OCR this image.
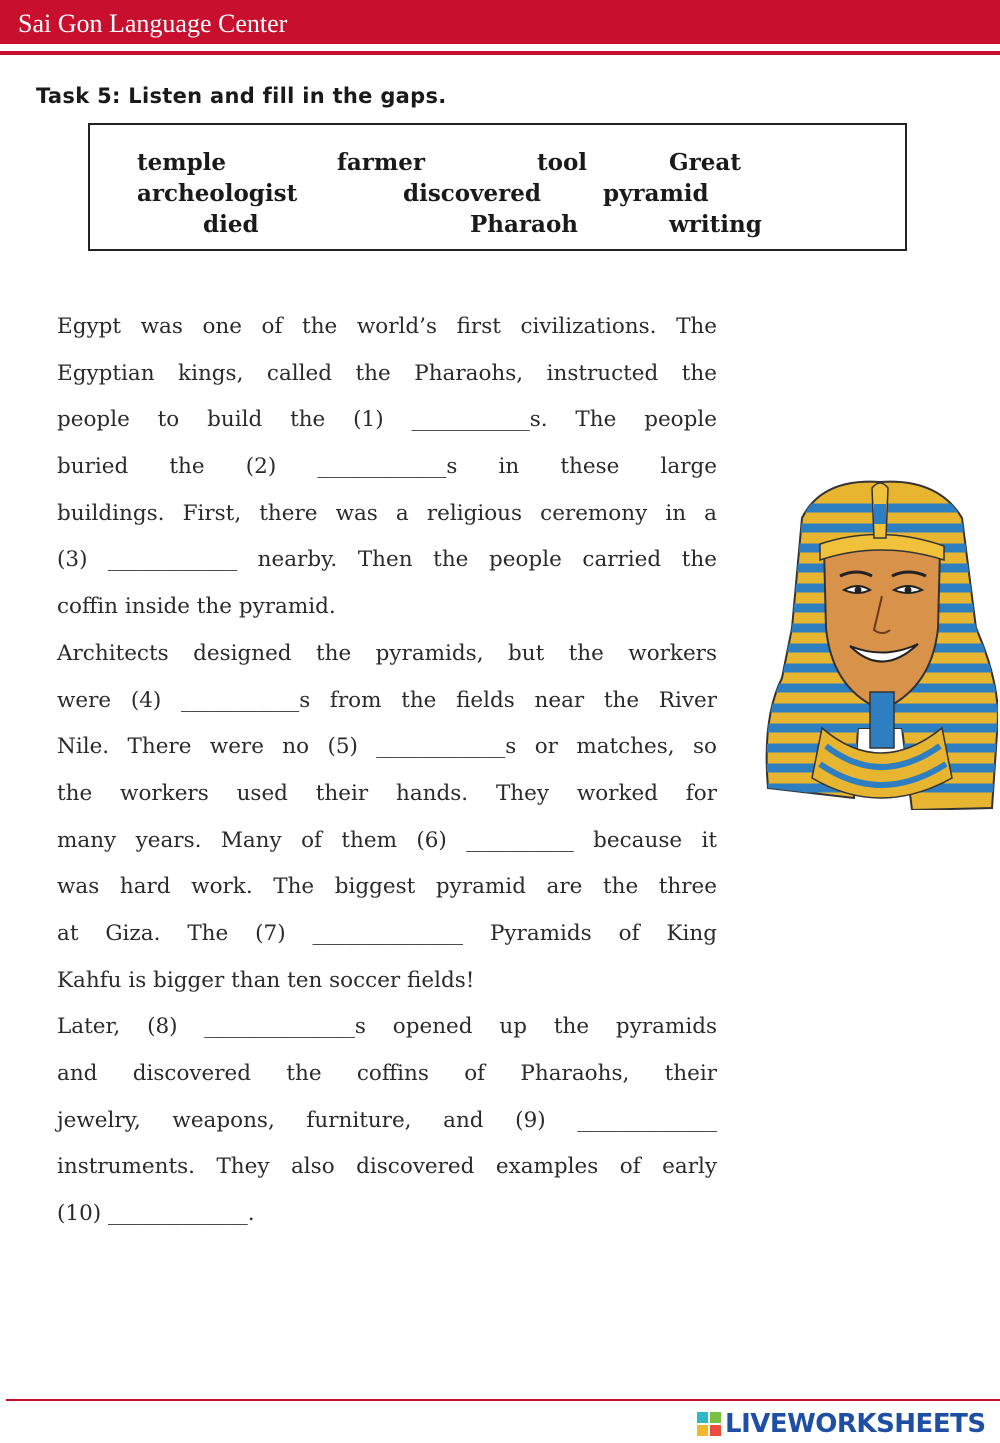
Sai Gon Language Center
Task 5: Listen and fill in the gaps.
temple	farmer	tool	Great
archeologist	discovered	pyramid
died	Pharaoh	writing
Egypt was one of the world’s first civilizations. The
Egyptian kings, called the Pharaohs, instructed the
people to build the (1) ___________s. The people
buried the (2) ____________s in these large
buildings. First, there was a religious ceremony in a
(3) ____________ nearby. Then the people carried the
coffin inside the pyramid.
Architects designed the pyramids, but the workers
were (4) ___________s from the fields near the River
Nile. There were no (5) ____________s or matches, so
the workers used their hands. They worked for
many years. Many of them (6) __________ because it
was hard work. The biggest pyramid are the three
at Giza. The (7) ______________ Pyramids of King
Kahfu is bigger than ten soccer fields!
Later, (8) ______________s opened up the pyramids
and discovered the coffins of Pharaohs, their
jewelry, weapons, furniture, and (9) _____________
instruments. They also discovered examples of early
(10) _____________.
LIVEWORKSHEETS
